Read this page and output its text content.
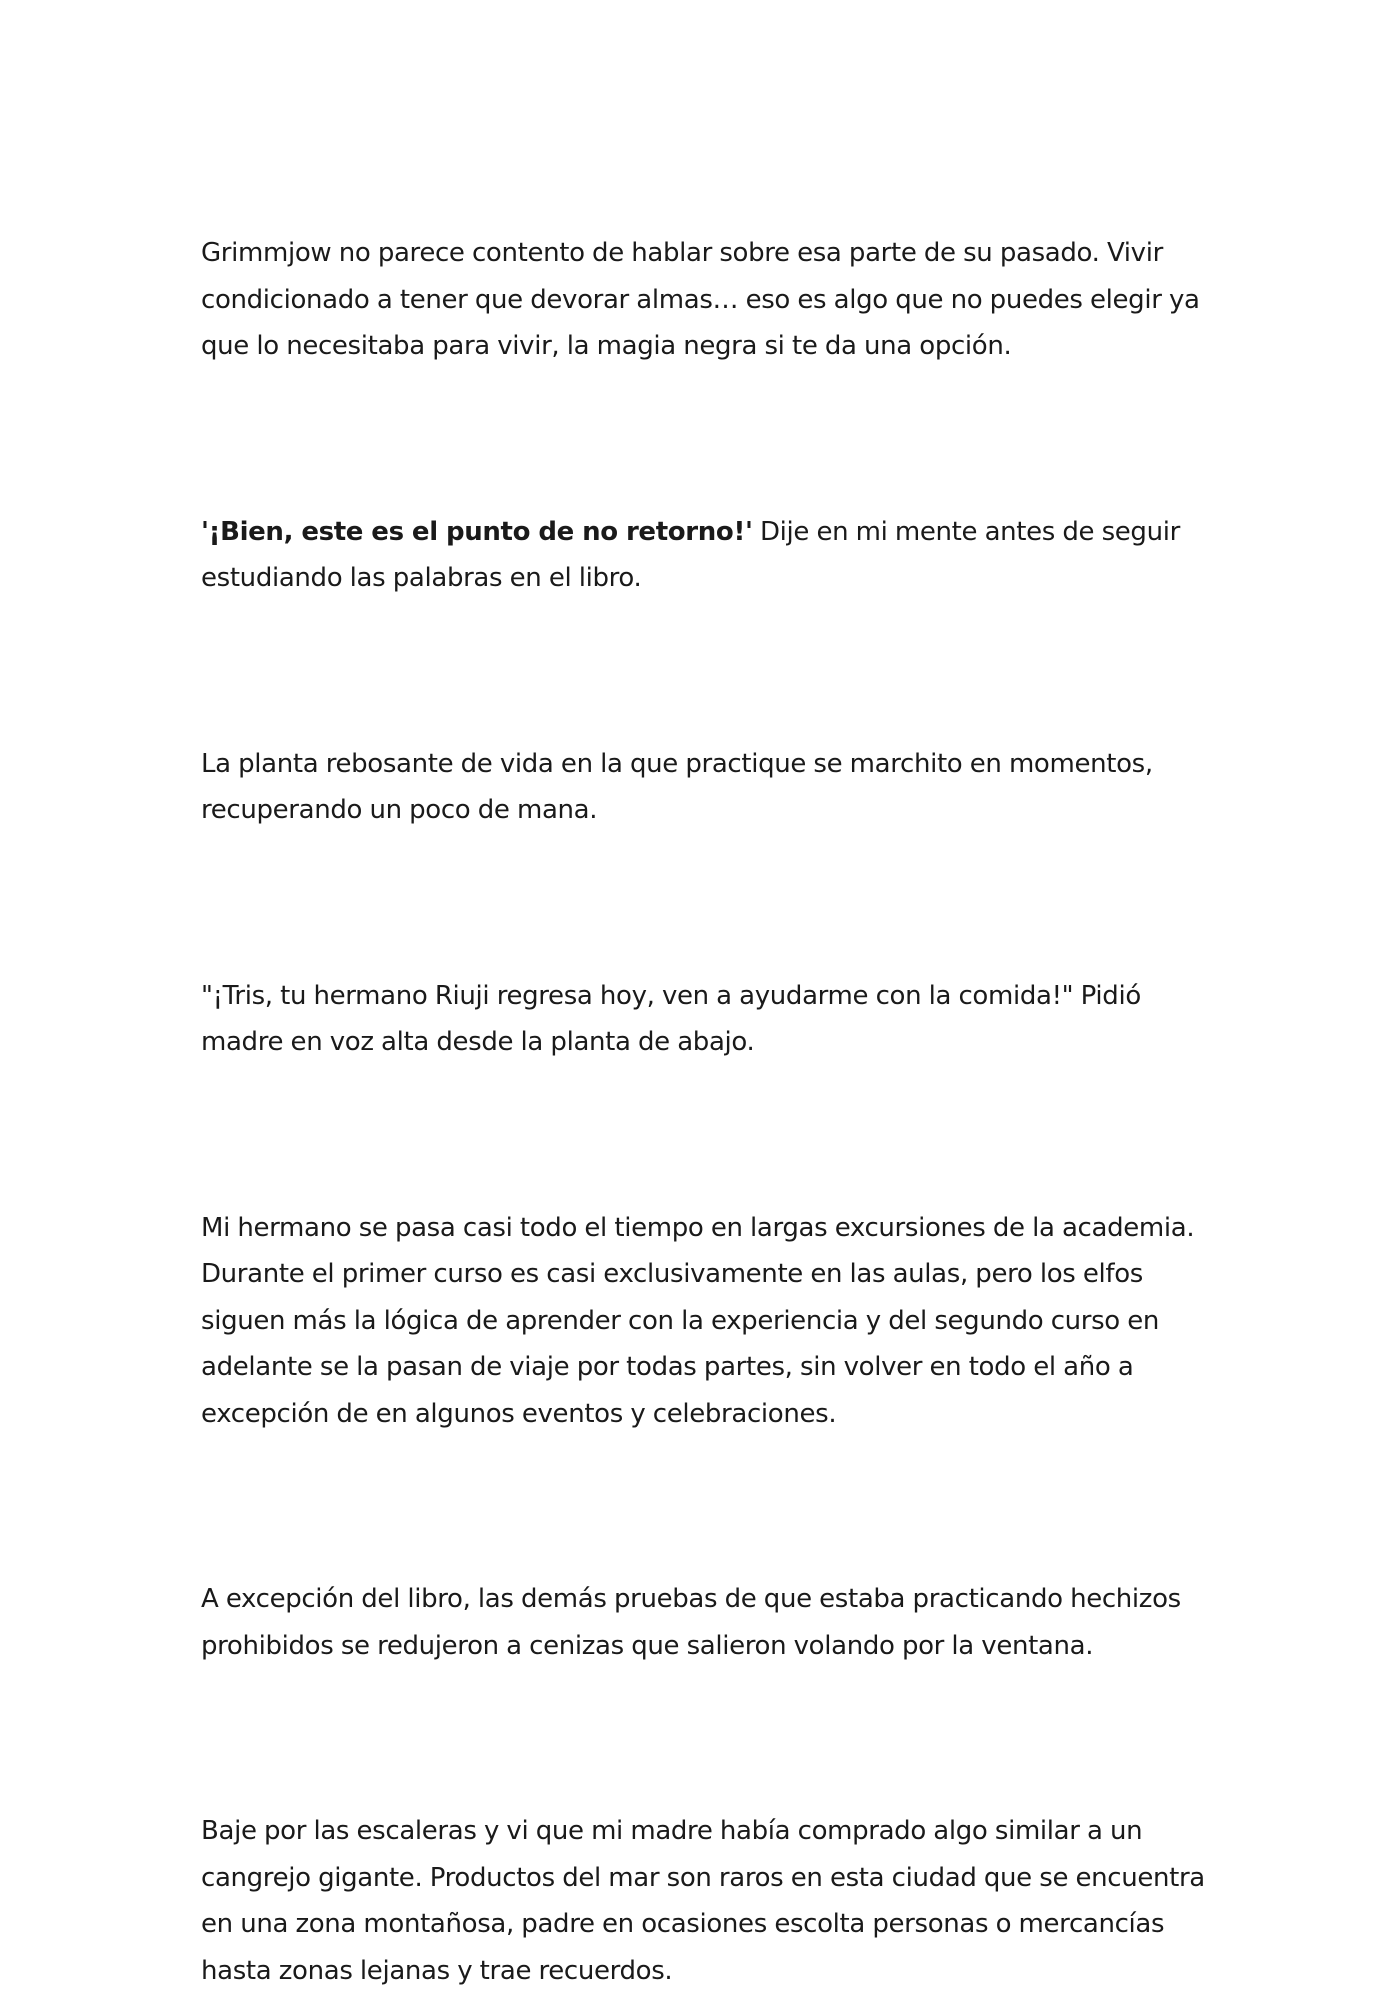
Grimmjow no parece contento de hablar sobre esa parte de su pasado. Vivir condicionado a tener que devorar almas… eso es algo que no puedes elegir ya que lo necesitaba para vivir, la magia negra si te da una opción.

'¡Bien, este es el punto de no retorno!' Dije en mi mente antes de seguir estudiando las palabras en el libro.

La planta rebosante de vida en la que practique se marchito en momentos, recuperando un poco de mana.

"¡Tris, tu hermano Riuji regresa hoy, ven a ayudarme con la comida!" Pidió madre en voz alta desde la planta de abajo.

Mi hermano se pasa casi todo el tiempo en largas excursiones de la academia. Durante el primer curso es casi exclusivamente en las aulas, pero los elfos siguen más la lógica de aprender con la experiencia y del segundo curso en adelante se la pasan de viaje por todas partes, sin volver en todo el año a excepción de en algunos eventos y celebraciones.

A excepción del libro, las demás pruebas de que estaba practicando hechizos prohibidos se redujeron a cenizas que salieron volando por la ventana.

Baje por las escaleras y vi que mi madre había comprado algo similar a un cangrejo gigante. Productos del mar son raros en esta ciudad que se encuentra en una zona montañosa, padre en ocasiones escolta personas o mercancías hasta zonas lejanas y trae recuerdos.
